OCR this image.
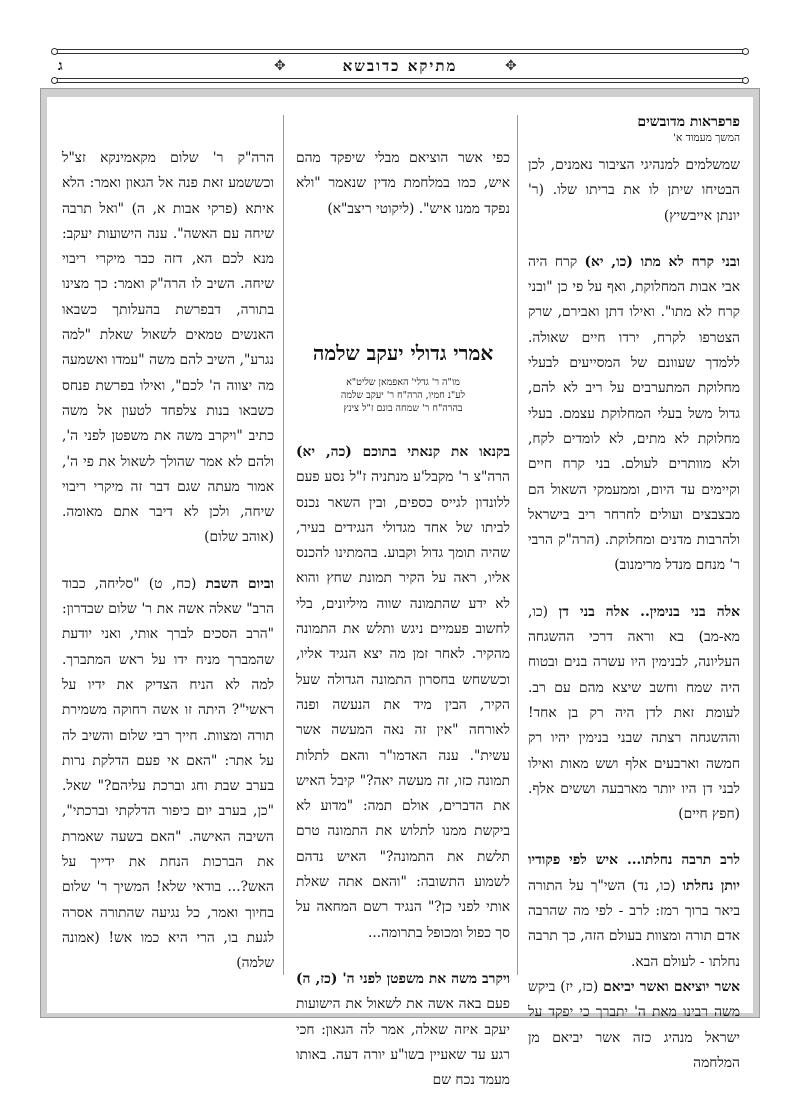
ג	✥	מתיקא כדובשא	✥
פרפראות מדובשים
המשך מעמוד א'

שמשלמים למנהיגי הציבור נאמנים, לכן הבטיחו שיתן לו את בריתו שלו. (ר' יונתן אייבשיץ)

ובני קרח לא מתו (כו, יא) קרח היה אבי אבות המחלוקת, ואף על פי כן "ובני קרח לא מתו". ואילו דתן ואבירם, שרק הצטרפו לקרח, ירדו חיים שאולה. ללמדך שעוונם של המסייעים לבעלי מחלוקת המתערבים על ריב לא להם, גדול משל בעלי המחלוקת עצמם. בעלי מחלוקת לא מתים, לא לומדים לקח, ולא מוותרים לעולם. בני קרח חיים וקיימים עד היום, וממעמקי השאול הם מבצבצים ועולים לחרחר ריב בישראל ולהרבות מדנים ומחלוקת. (הרה"ק הרבי ר' מנחם מנדל מרימנוב)

אלה בני בנימין.. אלה בני דן (כו, מא-מב) בא וראה דרכי ההשגחה העליונה, לבנימין היו עשרה בנים ובטוח היה שמח וחשב שיצא מהם עם רב. לעומת זאת לדן היה רק בן אחד! וההשגחה רצתה שבני בנימין יהיו רק חמשה וארבעים אלף ושש מאות ואילו לבני דן היו יותר מארבעה וששים אלף. (חפץ חיים)

לרב תרבה נחלתו... איש לפי פקודיו יותן נחלתו (כו, נד) השי"ך על התורה ביאר ברוך רמז: לרב - לפי מה שהרבה אדם תורה ומצוות בעולם הזה, כך תרבה נחלתו - לעולם הבא.

אשר יוציאם ואשר יביאם (כז, יז) ביקש משה רבינו מאת ה' יתברך כי יפקד על ישראל מנהיג כזה אשר יביאם מן המלחמה

כפי אשר הוציאם מבלי שיפקד מהם איש, כמו במלחמת מדין שנאמר "ולא נפקד ממנו איש". (ליקוטי ריצב"א)

אמרי גדולי יעקב שלמה
מו"ה ר' גדלי' האפמאן שליט"א
לע"נ חמיו, הרה"ח ר' יעקב שלמה
בהרה"ח ר' שמחה בונם ז"ל צינץ

בקנאו את קנאתי בתוכם (כה, יא) הרה"צ ר' מקבל'ע מנתניה ז"ל נסע פעם ללונדון לגייס כספים, ובין השאר נכנס לביתו של אחד מגדולי הנגידים בעיר, שהיה תומך גדול וקבוע. בהמתינו להכנס אליו, ראה על הקיר תמונת שחץ והוא לא ידע שהתמונה שווה מיליונים, בלי לחשוב פעמיים ניגש ותלש את התמונה מהקיר. לאחר זמן מה יצא הנגיד אליו, וכששחש בחסרון התמונה הגדולה שעל הקיר, הבין מיד את הנעשה ופנה לאורחה "אין זה נאה המעשה אשר עשית". ענה האדמו"ר והאם לתלות תמונה כזו, זה מעשה יאה?" קיבל האיש את הדברים, אולם תמה: "מדוע לא ביקשת ממנו לתלוש את התמונה טרם תלשת את התמונה?" האיש נדהם לשמוע התשובה: "והאם אתה שאלת אותי לפני כן?" הנגיד רשם המחאה על סך כפול ומכופל בתרומה...

ויקרב משה את משפטן לפני ה' (כז, ה) פעם באה אשה את לשאול את הישועות יעקב איזה שאלה, אמר לה הגאון: חכי רגע עד שאעיין בשו"ע יורה דעה. באותו מעמד נכח שם

הרה"ק ר' שלום מקאמינקא זצ"ל וכששמע זאת פנה אל הגאון ואמר: הלא איתא (פרקי אבות א, ה) "ואל תרבה שיחה עם האשה". ענה הישועות יעקב: מנא לכם הא, דזה כבר מיקרי ריבוי שיחה. השיב לו הרה"ק ואמר: כך מצינו בתורה, דבפרשת בהעלותך כשבאו האנשים טמאים לשאול שאלת "למה נגרע", השיב להם משה "עמדו ואשמעה מה יצווה ה' לכם", ואילו בפרשת פנחס כשבאו בנות צלפחד לטעון אל משה כתיב "ויקרב משה את משפטן לפני ה', ולהם לא אמר שהולך לשאול את פי ה', אמור מעתה שגם דבר זה מיקרי ריבוי שיחה, ולכן לא דיבר אתם מאומה. (אוהב שלום)

וביום השבת (כח, ט) "סליחה, כבוד הרב" שאלה אשה את ר' שלום שבדרון: "הרב הסכים לברך אותי, ואני יודעת שהמברך מניח ידו על ראש המתברך. למה לא הניח הצדיק את ידיו על ראשי"? היתה זו אשה רחוקה משמירת תורה ומצוות. חייך רבי שלום והשיב לה על אתר: "האם אי פעם הדלקת נרות בערב שבת וחג וברכת עליהם?" שאל. "כן, בערב יום כיפור הדלקתי וברכתי", השיבה האישה. "האם בשעה שאמרת את הברכות הנחת את ידייך על האש?... בודאי שלא! המשיך ר' שלום בחיוך ואמר, כל נגיעה שהתורה אסרה לגעת בו, הרי היא כמו אש! (אמונה שלמה)
